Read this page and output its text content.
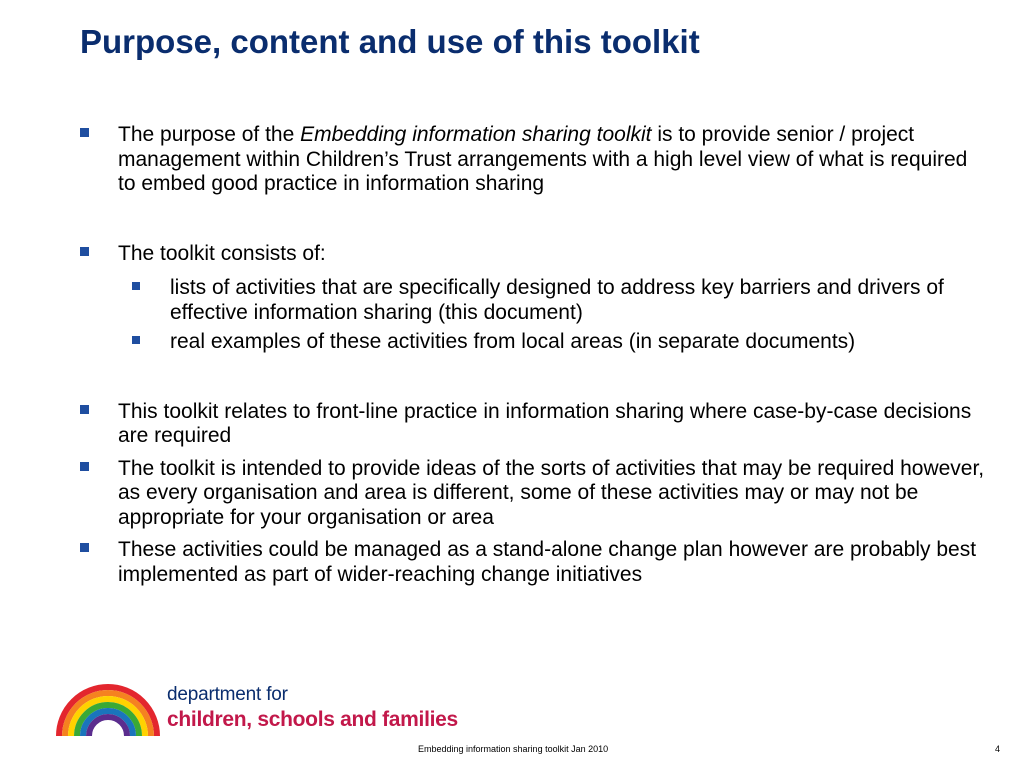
Purpose, content and use of this toolkit

The purpose of the Embedding information sharing toolkit is to provide senior / project management within Children’s Trust arrangements with a high level view of what is required to embed good practice in information sharing

The toolkit consists of:

lists of activities that are specifically designed to address key barriers and drivers of effective information sharing (this document)

real examples of these activities from local areas (in separate documents)

This toolkit relates to front-line practice in information sharing where case-by-case decisions are required

The toolkit is intended to provide ideas of the sorts of activities that may be required however, as every organisation and area is different, some of these activities may or may not be appropriate for your organisation or area

These activities could be managed as a stand-alone change plan however are probably best implemented as part of wider-reaching change initiatives

department for
children, schools and families
Embedding information sharing toolkit Jan 2010	4
